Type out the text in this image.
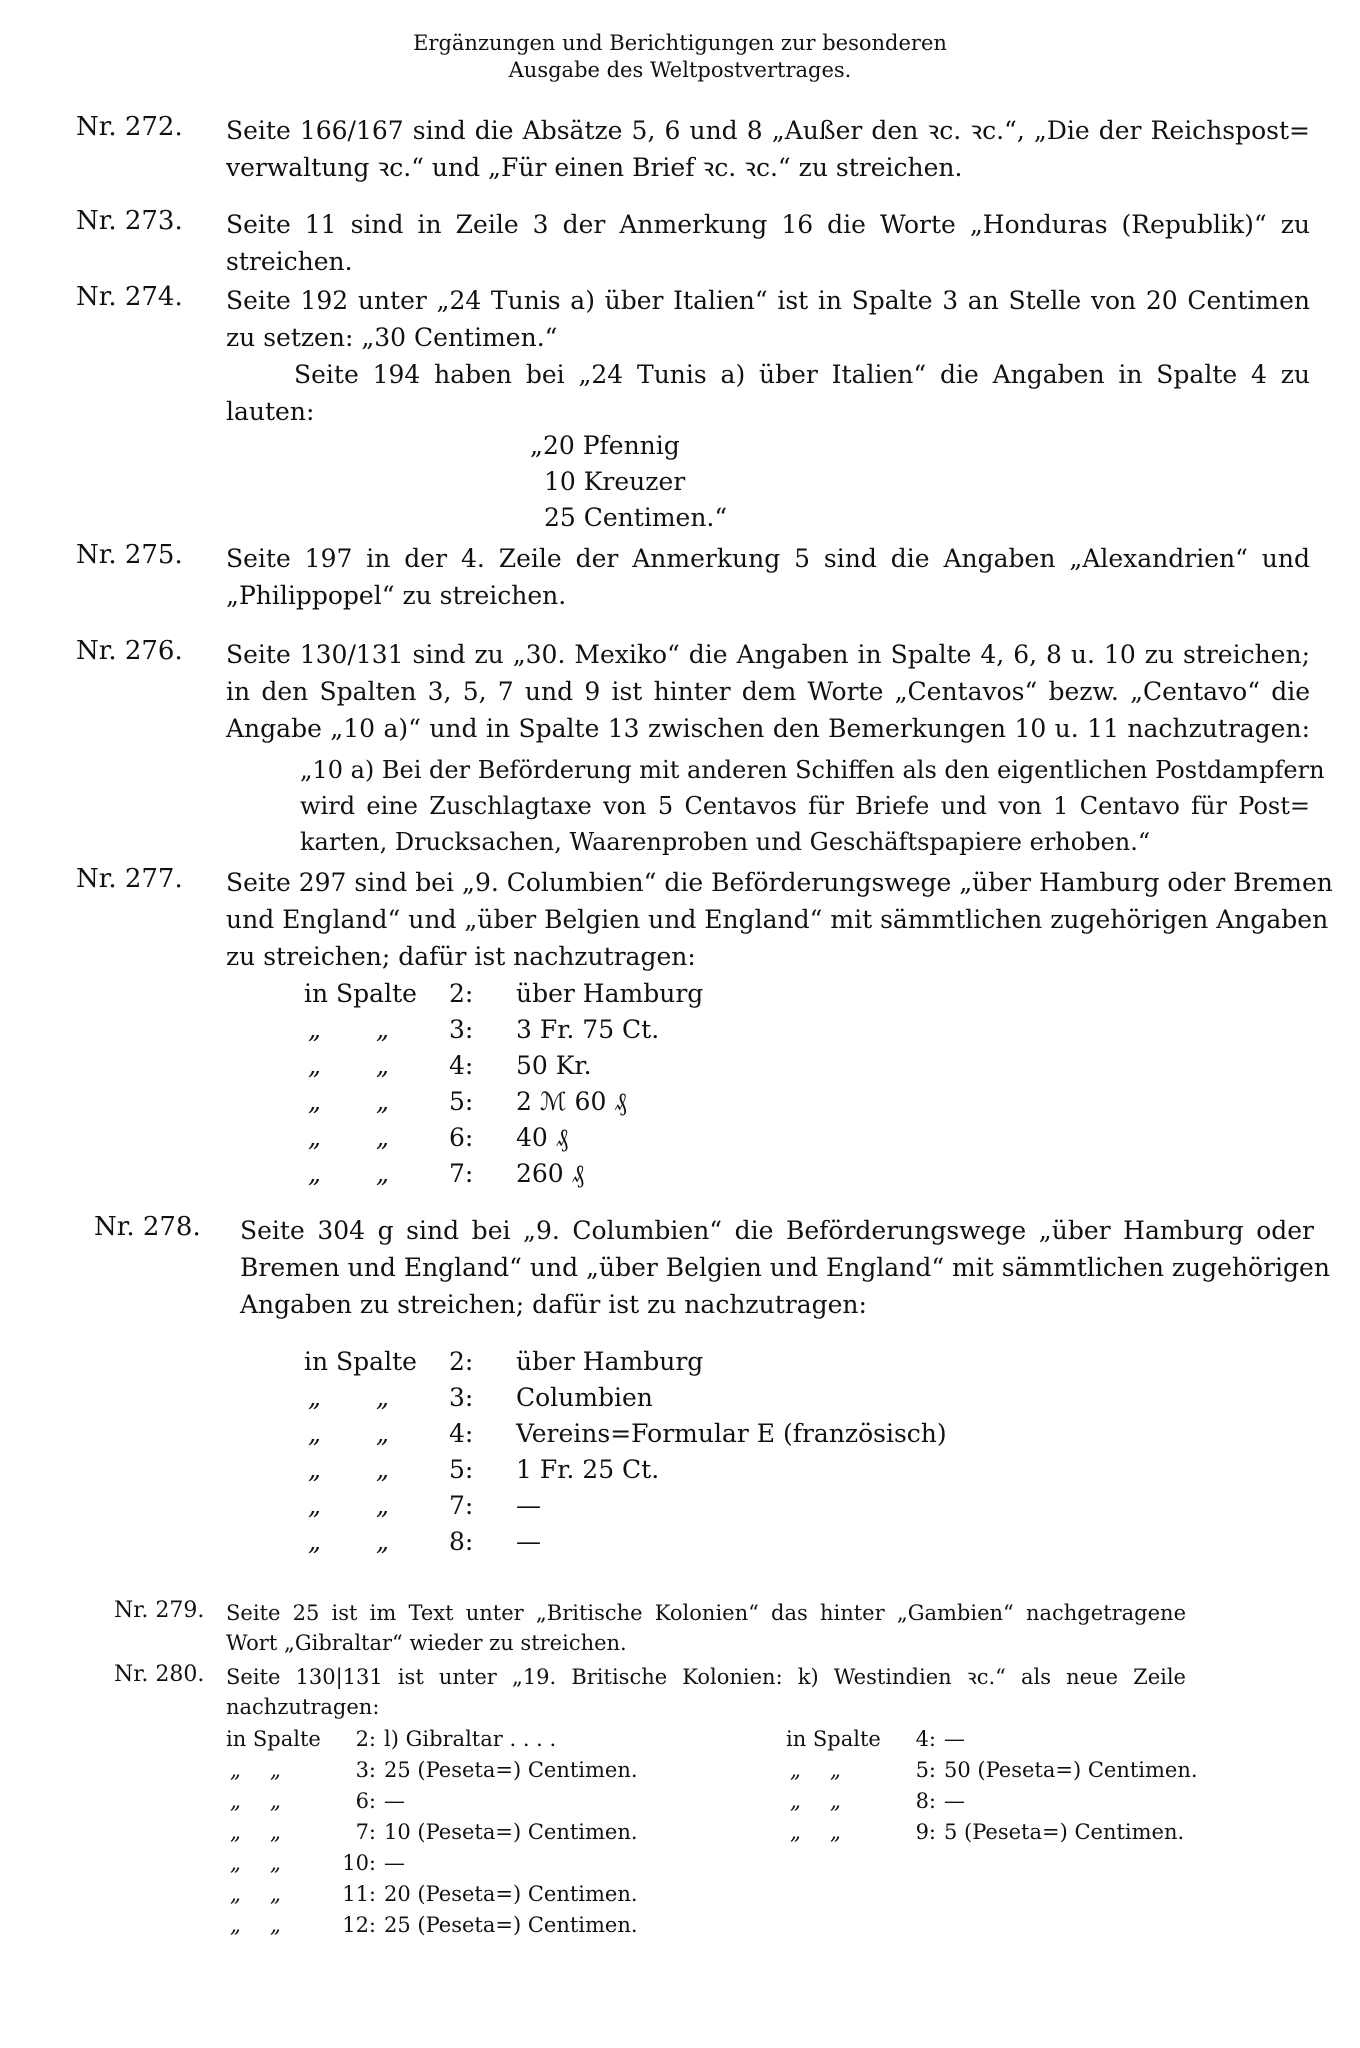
Ergänzungen und Berichtigungen zur besonderen
Ausgabe des Weltpostvertrages.
Nr. 272. Seite 166/167 sind die Absätze 5, 6 und 8 „Außer den ꝛc. ꝛc.“, „Die der Reichspost=
verwaltung ꝛc.“ und „Für einen Brief ꝛc. ꝛc.“ zu streichen.
Nr. 273. Seite 11 sind in Zeile 3 der Anmerkung 16 die Worte „Honduras (Republik)“ zu
streichen.
Nr. 274. Seite 192 unter „24 Tunis a) über Italien“ ist in Spalte 3 an Stelle von 20 Centimen
zu setzen: „30 Centimen.“
Seite 194 haben bei „24 Tunis a) über Italien“ die Angaben in Spalte 4 zu
lauten:
„20 Pfennig
10 Kreuzer
25 Centimen.“
Nr. 275. Seite 197 in der 4. Zeile der Anmerkung 5 sind die Angaben „Alexandrien“ und
„Philippopel“ zu streichen.
Nr. 276. Seite 130/131 sind zu „30. Mexiko“ die Angaben in Spalte 4, 6, 8 u. 10 zu streichen;
in den Spalten 3, 5, 7 und 9 ist hinter dem Worte „Centavos“ bezw. „Centavo“ die
Angabe „10 a)“ und in Spalte 13 zwischen den Bemerkungen 10 u. 11 nachzutragen:
„10 a) Bei der Beförderung mit anderen Schiffen als den eigentlichen Postdampfern
wird eine Zuschlagtaxe von 5 Centavos für Briefe und von 1 Centavo für Post=
karten, Drucksachen, Waarenproben und Geschäftspapiere erhoben.“
Nr. 277. Seite 297 sind bei „9. Columbien“ die Beförderungswege „über Hamburg oder Bremen
und England“ und „über Belgien und England“ mit sämmtlichen zugehörigen Angaben
zu streichen; dafür ist nachzutragen:
in Spalte 2: über Hamburg
„ „ 3: 3 Fr. 75 Ct.
„ „ 4: 50 Kr.
„ „ 5: 2 ℳ 60 ₰
„ „ 6: 40 ₰
„ „ 7: 260 ₰
Nr. 278. Seite 304 g sind bei „9. Columbien“ die Beförderungswege „über Hamburg oder
Bremen und England“ und „über Belgien und England“ mit sämmtlichen zugehörigen
Angaben zu streichen; dafür ist zu nachzutragen:
in Spalte 2: über Hamburg
„ „ 3: Columbien
„ „ 4: Vereins=Formular E (französisch)
„ „ 5: 1 Fr. 25 Ct.
„ „ 7: —
„ „ 8: —
Nr. 279. Seite 25 ist im Text unter „Britische Kolonien“ das hinter „Gambien“ nachgetragene
Wort „Gibraltar“ wieder zu streichen.
Nr. 280. Seite 130|131 ist unter „19. Britische Kolonien: k) Westindien ꝛc.“ als neue Zeile
nachzutragen:
in Spalte	2: l) Gibraltar . . . .
„ „	3: 25 (Peseta=) Centimen.
„ „	6: —
„ „	7: 10 (Peseta=) Centimen.
„ „	10: —
„ „	11: 20 (Peseta=) Centimen.
„ „	12: 25 (Peseta=) Centimen.
in Spalte	4: —
„ „	5: 50 (Peseta=) Centimen.
„ „	8: —
„ „	9: 5 (Peseta=) Centimen.
